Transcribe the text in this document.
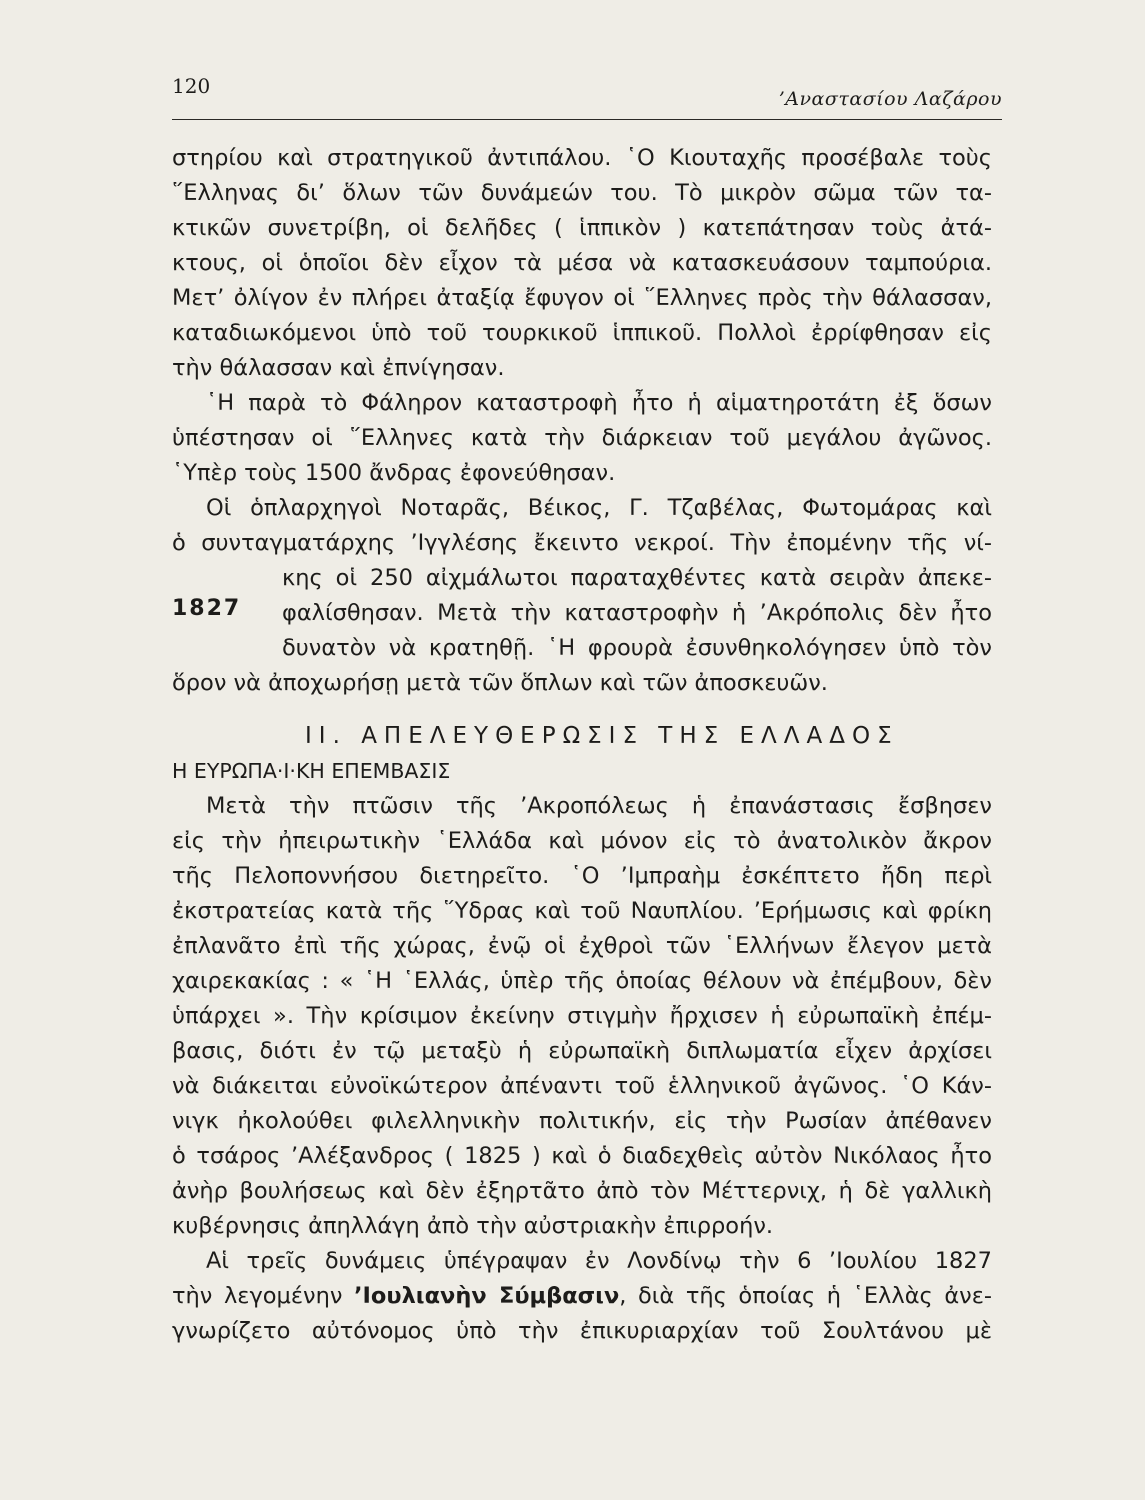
120
’Αναστασίου Λαζάρου
στηρίου καὶ στρατηγικοῦ ἀντιπάλου. ῾Ο Κιουταχῆς προσέβαλε τοὺς
῞Ελληνας δι’ ὅλων τῶν δυνάμεών του. Τὸ μικρὸν σῶμα τῶν τα-
κτικῶν συνετρίβη, οἱ δελῆδες ( ἱππικὸν ) κατεπάτησαν τοὺς ἀτά-
κτους, οἱ ὁποῖοι δὲν εἶχον τὰ μέσα νὰ κατασκευάσουν ταμπούρια.
Μετ’ ὀλίγον ἐν πλήρει ἀταξίᾳ ἔφυγον οἱ ῞Ελληνες πρὸς τὴν θάλασσαν,
καταδιωκόμενοι ὑπὸ τοῦ τουρκικοῦ ἱππικοῦ. Πολλοὶ ἐρρίφθησαν εἰς
τὴν θάλασσαν καὶ ἐπνίγησαν.
῾Η παρὰ τὸ Φάληρον καταστροφὴ ἦτο ἡ αἱματηροτάτη ἐξ ὅσων
ὑπέστησαν οἱ ῞Ελληνες κατὰ τὴν διάρκειαν τοῦ μεγάλου ἀγῶνος.
῾Υπὲρ τοὺς 1500 ἄνδρας ἐφονεύθησαν.
Οἱ ὁπλαρχηγοὶ Νοταρᾶς, Βέικος, Γ. Τζαβέλας, Φωτομάρας καὶ
ὁ συνταγματάρχης ’Ιγγλέσης ἔκειντο νεκροί. Τὴν ἐπομένην τῆς νί-
κης οἱ 250 αἰχμάλωτοι παραταχθέντες κατὰ σειρὰν ἀπεκε-
1827	φαλίσθησαν. Μετὰ τὴν καταστροφὴν ἡ ’Ακρόπολις δὲν ἦτο
δυνατὸν νὰ κρατηθῇ. ῾Η φρουρὰ ἐσυνθηκολόγησεν ὑπὸ τὸν
ὅρον νὰ ἀποχωρήσῃ μετὰ τῶν ὅπλων καὶ τῶν ἀποσκευῶν.
ΙΙ. ΑΠΕΛΕΥΘΕΡΩΣΙΣ ΤΗΣ ΕΛΛΑΔΟΣ
Η ΕΥΡΩΠΑ·Ι·ΚΗ ΕΠΕΜΒΑΣΙΣ
Μετὰ τὴν πτῶσιν τῆς ’Ακροπόλεως ἡ ἐπανάστασις ἔσβησεν
εἰς τὴν ἠπειρωτικὴν ῾Ελλάδα καὶ μόνον εἰς τὸ ἀνατολικὸν ἄκρον
τῆς Πελοποννήσου διετηρεῖτο. ῾Ο ’Ιμπραὴμ ἐσκέπτετο ἤδη περὶ
ἐκστρατείας κατὰ τῆς ῞Υδρας καὶ τοῦ Ναυπλίου. ’Ερήμωσις καὶ φρίκη
ἐπλανᾶτο ἐπὶ τῆς χώρας, ἐνῷ οἱ ἐχθροὶ τῶν ῾Ελλήνων ἔλεγον μετὰ
χαιρεκακίας : « ῾Η ῾Ελλάς, ὑπὲρ τῆς ὁποίας θέλουν νὰ ἐπέμβουν, δὲν
ὑπάρχει ». Τὴν κρίσιμον ἐκείνην στιγμὴν ἤρχισεν ἡ εὐρωπαϊκὴ ἐπέμ-
βασις, διότι ἐν τῷ μεταξὺ ἡ εὐρωπαϊκὴ διπλωματία εἶχεν ἀρχίσει
νὰ διάκειται εὐνοϊκώτερον ἀπέναντι τοῦ ἑλληνικοῦ ἀγῶνος. ῾Ο Κάν-
νιγκ ἠκολούθει φιλελληνικὴν πολιτικήν, εἰς τὴν Ρωσίαν ἀπέθανεν
ὁ τσάρος ’Αλέξανδρος ( 1825 ) καὶ ὁ διαδεχθεὶς αὐτὸν Νικόλαος ἦτο
ἀνὴρ βουλήσεως καὶ δὲν ἐξηρτᾶτο ἀπὸ τὸν Μέττερνιχ, ἡ δὲ γαλλικὴ
κυβέρνησις ἀπηλλάγη ἀπὸ τὴν αὐστριακὴν ἐπιρροήν.
Αἱ τρεῖς δυνάμεις ὑπέγραψαν ἐν Λονδίνῳ τὴν 6 ’Ιουλίου 1827
τὴν λεγομένην ’Ιουλιανὴν Σύμβασιν, διὰ τῆς ὁποίας ἡ ῾Ελλὰς ἀνε-
γνωρίζετο αὐτόνομος ὑπὸ τὴν ἐπικυριαρχίαν τοῦ Σουλτάνου μὲ
